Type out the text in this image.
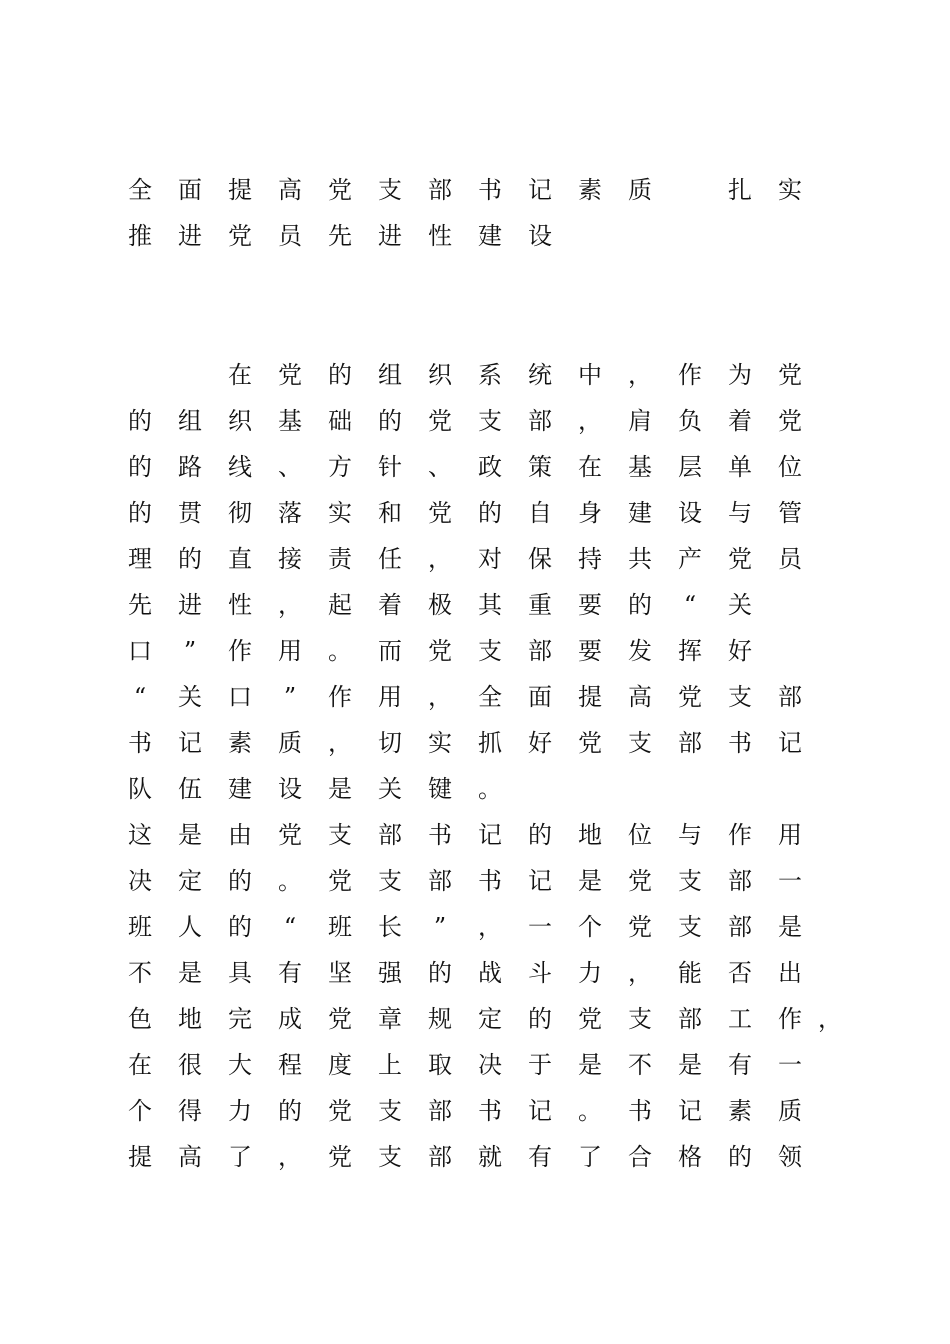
全	面	提	高	党	支	部	书	记	素	质
　	扎	实
推	进	党	员	先	进	性	建	设

在	党	的	组	织	系	统	中	，	作	为	党
的	组	织	基	础	的	党	支	部	，	肩	负	着	党
的	路	线	、	方	针	、	政	策	在	基	层	单	位
的	贯	彻	落	实	和	党	的	自	身	建	设	与	管
理	的	直	接	责	任	，	对	保	持	共	产	党	员
先	进	性	，	起	着	极	其	重	要	的	“	关
口	”	作	用	。	而	党	支	部	要	发	挥	好
“	关	口	”	作	用	，	全	面	提	高	党	支	部
书	记	素	质	，	切	实	抓	好	党	支	部	书	记
队	伍	建	设	是	关	键	。
这	是	由	党	支	部	书	记	的	地	位	与	作	用
决	定	的	。	党	支	部	书	记	是	党	支	部	一
班	人	的	“	班	长	”	，	一	个	党	支	部	是
不	是	具	有	坚	强	的	战	斗	力	，	能	否	出
色	地	完	成	党	章	规	定	的	党	支	部	工	作 ，
在	很	大	程	度	上	取	决	于	是	不	是	有	一
个	得	力	的	党	支	部	书	记	。	书	记	素	质
提	高	了	，	党	支	部	就	有	了	合	格	的	领
